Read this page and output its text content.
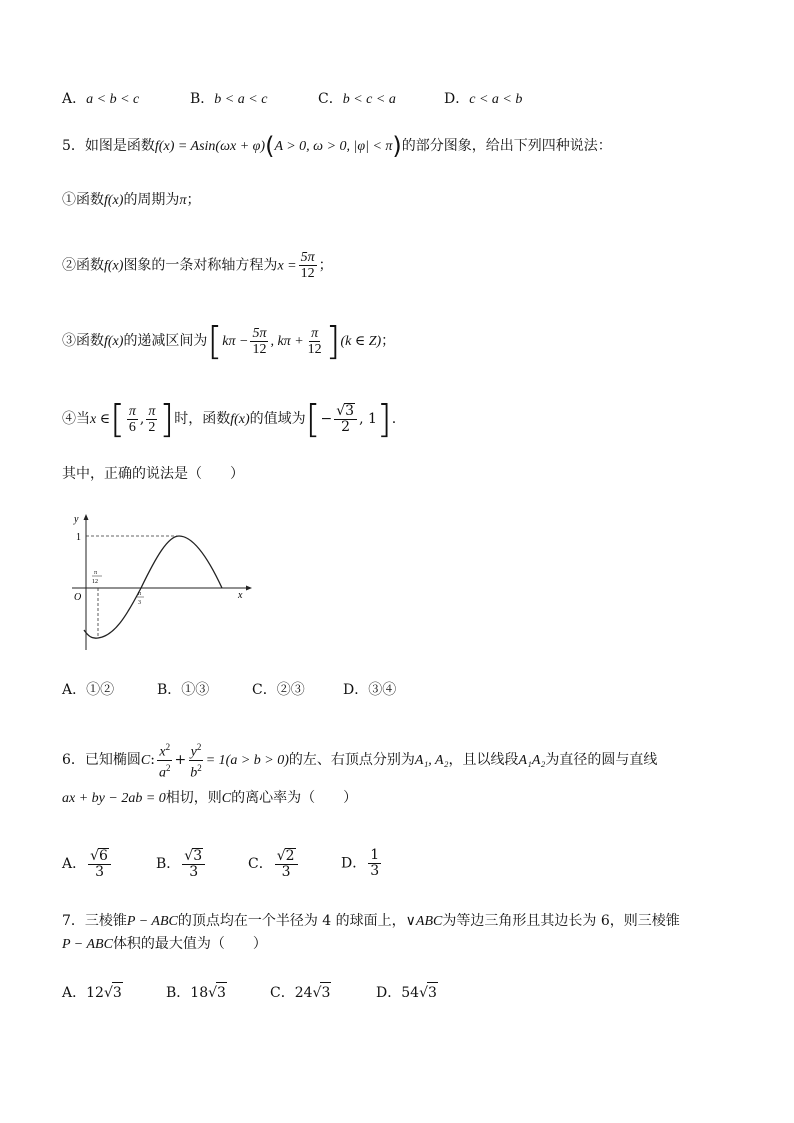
A．a < b < c	B．b < a < c	C．b < c < a	D．c < a < b
5．如图是函数f(x) = Asin(ωx + φ)(A > 0, ω > 0, |φ| < π)的部分图象，给出下列四种说法：
①函数f(x)的周期为π；
②函数f(x)图象的一条对称轴方程为$x = \frac{5\pi}{12}$ ；
③函数f(x)的递减区间为[$k\pi - \frac{5\pi}{12}$ , $k\pi + \frac{\pi}{12} ](k$ ∈ Z)；
④当x ∈[ $\frac{\pi}{6}$ , $\frac{\pi}{2}$ ]时，函数f(x)的值域为[− $\frac{√3}{2}$ , 1].
其中，正确的说法是（　　）
y
x
O
1
π
12
π
3
A．①②	B．①③	C．②③	D．③④
6．已知椭圆C: $\frac{x^2}{a^2} + \frac{y^2}{b^2} = 1(a > b > 0)$的左、右顶点分别为A₁, A₂，且以线段A₁A₂为直径的圆与直线
ax + by − 2ab = 0相切，则C的离心率为（　　）
A． $\frac{√6}{3}$	B． $\frac{√3}{3}$	C． $\frac{√2}{3}$	D． $\frac{1}{3}$
7．三棱锥P − ABC的顶点均在一个半径为 4 的球面上，∨ABC为等边三角形且其边长为 6，则三棱锥
P − ABC体积的最大值为（　　）
A．12√3	B．18√3	C．24√3	D．54√3
